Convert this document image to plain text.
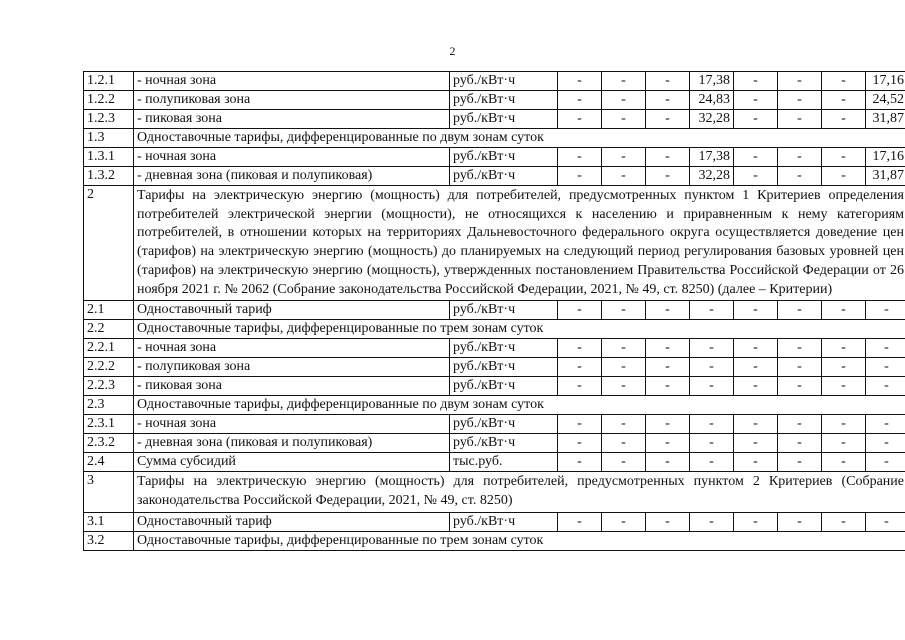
2
1.2.1	- ночная зона	руб./кВт·ч	-	-	-	17,38	-	-	-	17,16
1.2.2	- полупиковая зона	руб./кВт·ч	-	-	-	24,83	-	-	-	24,52
1.2.3	- пиковая зона	руб./кВт·ч	-	-	-	32,28	-	-	-	31,87
1.3	Одноставочные тарифы, дифференцированные по двум зонам суток									
1.3.1	- ночная зона	руб./кВт·ч	-	-	-	17,38	-	-	-	17,16
1.3.2	- дневная зона (пиковая и полупиковая)	руб./кВт·ч	-	-	-	32,28	-	-	-	31,87
2	Тарифы на электрическую энергию (мощность) для потребителей, предусмотренных пунктом 1 Критериев определения потребителей электрической энергии (мощности), не относящихся к населению и приравненным к нему категориям потребителей, в отношении которых на территориях Дальневосточного федерального округа осуществляется доведение цен (тарифов) на электрическую энергию (мощность) до планируемых на следующий период регулирования базовых уровней цен (тарифов) на электрическую энергию (мощность), утвержденных постановлением Правительства Российской Федерации от 26 ноября 2021 г. № 2062 (Собрание законодательства Российской Федерации, 2021, № 49, ст. 8250) (далее – Критерии)									
2.1	Одноставочный тариф	руб./кВт·ч	-	-	-	-	-	-	-	-
2.2	Одноставочные тарифы, дифференцированные по трем зонам суток									
2.2.1	- ночная зона	руб./кВт·ч	-	-	-	-	-	-	-	-
2.2.2	- полупиковая зона	руб./кВт·ч	-	-	-	-	-	-	-	-
2.2.3	- пиковая зона	руб./кВт·ч	-	-	-	-	-	-	-	-
2.3	Одноставочные тарифы, дифференцированные по двум зонам суток									
2.3.1	- ночная зона	руб./кВт·ч	-	-	-	-	-	-	-	-
2.3.2	- дневная зона (пиковая и полупиковая)	руб./кВт·ч	-	-	-	-	-	-	-	-
2.4	Сумма субсидий	тыс.руб.	-	-	-	-	-	-	-	-
3	Тарифы на электрическую энергию (мощность) для потребителей, предусмотренных пунктом 2 Критериев (Собрание законодательства Российской Федерации, 2021, № 49, ст. 8250)									
3.1	Одноставочный тариф	руб./кВт·ч	-	-	-	-	-	-	-	-
3.2	Одноставочные тарифы, дифференцированные по трем зонам суток									
